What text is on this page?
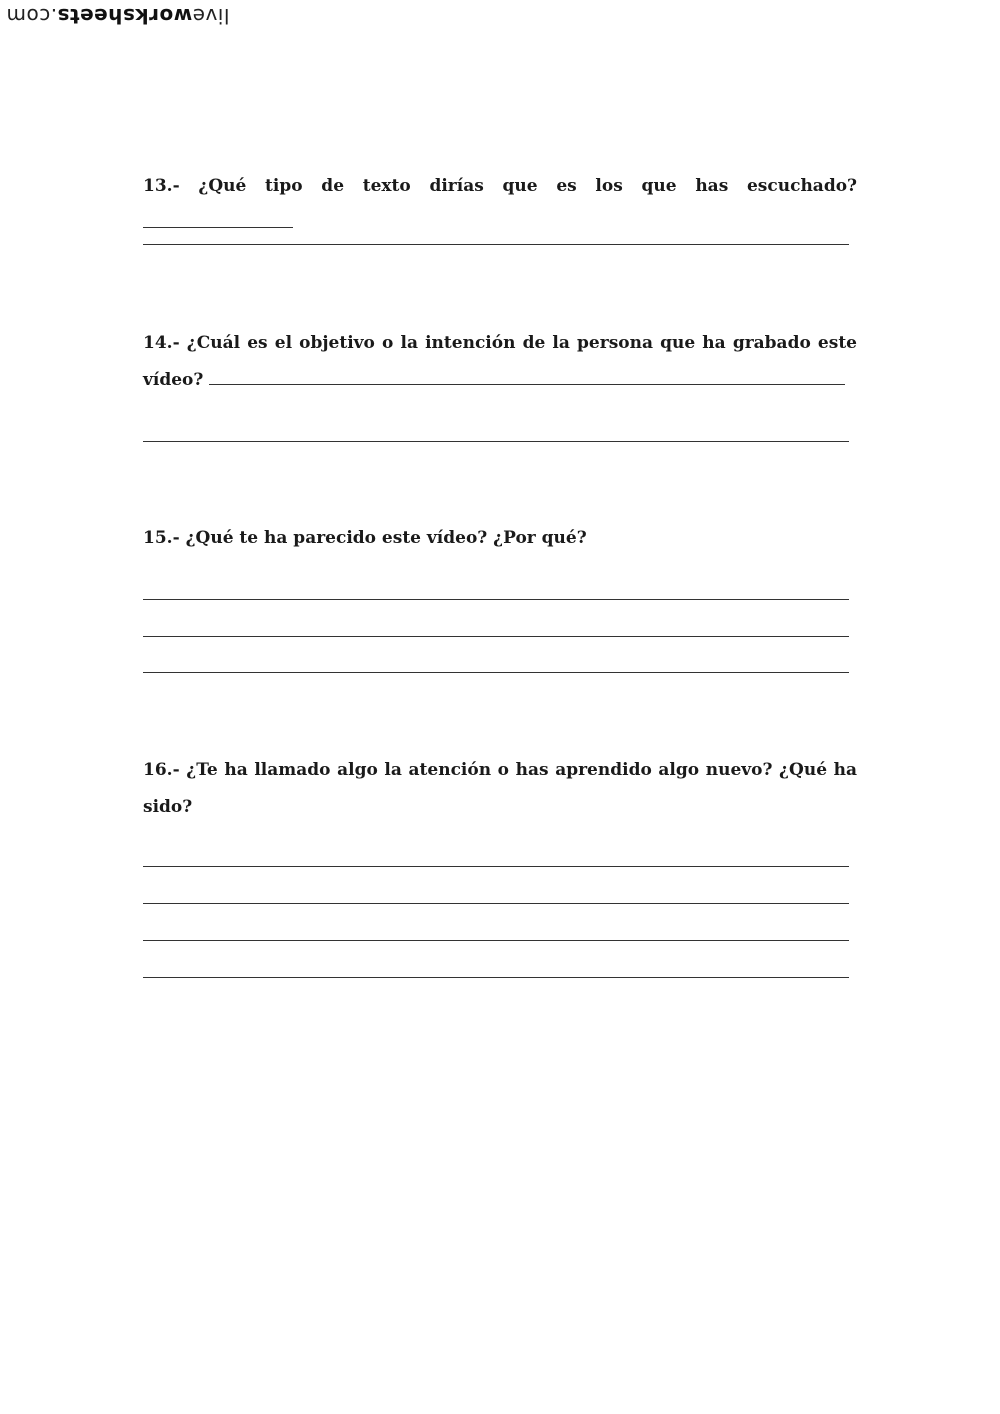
liveworksheets.com
13.- ¿Qué tipo de texto dirías que es los que has escuchado?
14.- ¿Cuál es el objetivo o la intención de la persona que ha grabado este vídeo?
15.- ¿Qué te ha parecido este vídeo? ¿Por qué?
16.- ¿Te ha llamado algo la atención o has aprendido algo nuevo? ¿Qué ha sido?
